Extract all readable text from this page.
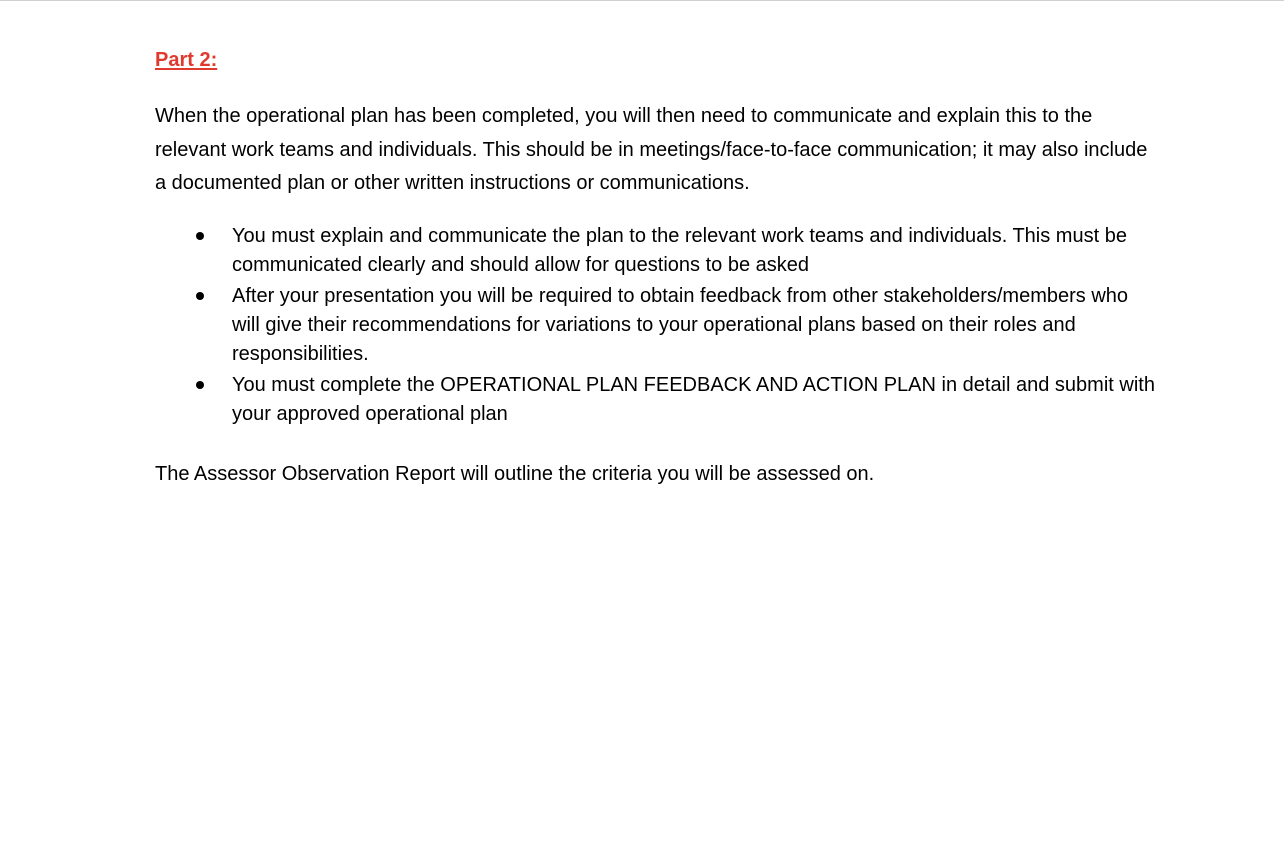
Part 2:

When the operational plan has been completed, you will then need to communicate and explain this to the relevant work teams and individuals. This should be in meetings/face-to-face communication; it may also include a documented plan or other written instructions or communications.

You must explain and communicate the plan to the relevant work teams and individuals. This must be communicated clearly and should allow for questions to be asked
After your presentation you will be required to obtain feedback from other stakeholders/members who will give their recommendations for variations to your operational plans based on their roles and responsibilities.
You must complete the OPERATIONAL PLAN FEEDBACK AND ACTION PLAN in detail and submit with your approved operational plan

The Assessor Observation Report will outline the criteria you will be assessed on.
